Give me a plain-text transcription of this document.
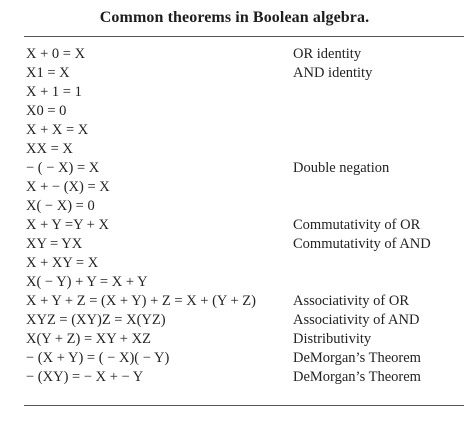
Common theorems in Boolean algebra.
X + 0 = X	OR identity
X1 = X	AND identity
X + 1 = 1
X0 = 0
X + X = X
XX = X
− ( − X) = X	Double negation
X + − (X) = X
X( − X) = 0
X + Y =Y + X	Commutativity of OR
XY = YX	Commutativity of AND
X + XY = X
X( − Y) + Y = X + Y
X + Y + Z = (X + Y) + Z = X + (Y + Z)	Associativity of OR
XYZ = (XY)Z = X(YZ)	Associativity of AND
X(Y + Z) = XY + XZ	Distributivity
− (X + Y) = ( − X)( − Y)	DeMorgan’s Theorem
− (XY) = − X + − Y	DeMorgan’s Theorem
